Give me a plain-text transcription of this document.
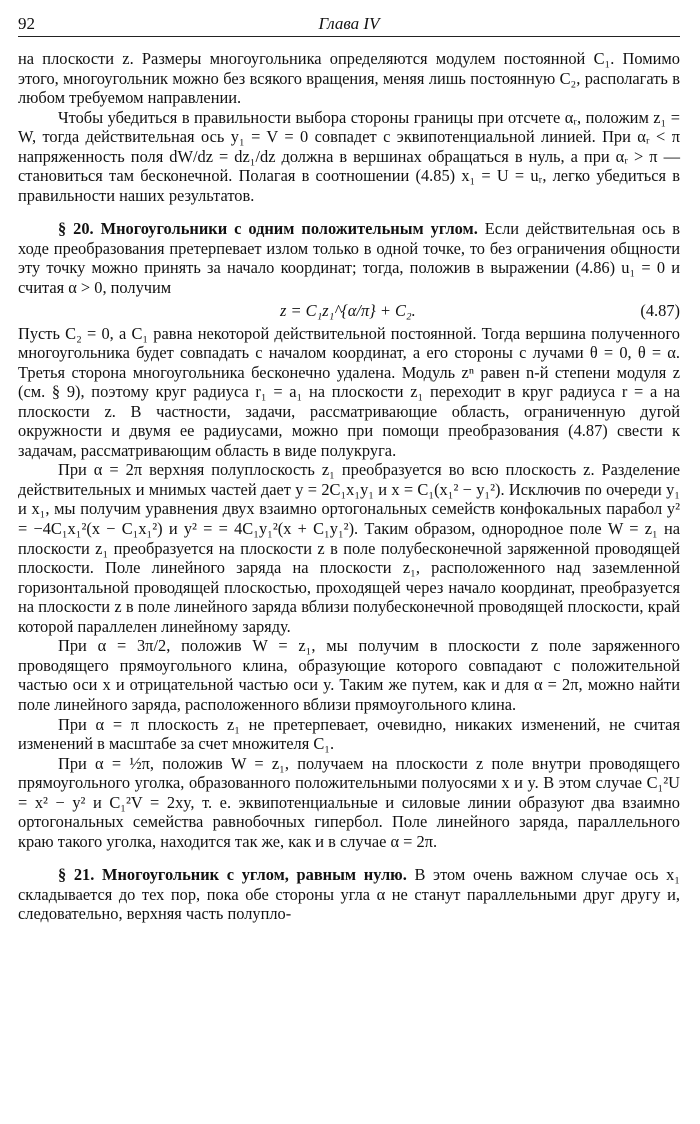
92	Глава IV

на плоскости z. Размеры многоугольника определяются модулем постоянной C₁. Помимо этого, многоугольник можно без всякого вращения, меняя лишь постоянную C₂, располагать в любом требуемом направлении.

Чтобы убедиться в правильности выбора стороны границы при отсчете αᵣ, положим z₁ = W, тогда действительная ось y₁ = V = 0 совпадет с эквипотенциальной линией. При αᵣ < π напряженность поля dW/dz = dz₁/dz должна в вершинах обращаться в нуль, а при αᵣ > π — становиться там бесконечной. Полагая в соотношении (4.85) x₁ = U = uᵣ, легко убедиться в правильности наших результатов.

§ 20. Многоугольники с одним положительным углом. Если действительная ось в ходе преобразования претерпевает излом только в одной точке, то без ограничения общности эту точку можно принять за начало координат; тогда, положив в выражении (4.86) u₁ = 0 и считая α > 0, получим

z = C₁z₁^{α/π} + C₂.	(4.87)

Пусть C₂ = 0, а C₁ равна некоторой действительной постоянной. Тогда вершина полученного многоугольника будет совпадать с началом координат, а его стороны с лучами θ = 0, θ = α. Третья сторона многоугольника бесконечно удалена. Модуль zⁿ равен n-й степени модуля z (см. § 9), поэтому круг радиуса r₁ = a₁ на плоскости z₁ переходит в круг радиуса r = a на плоскости z. В частности, задачи, рассматривающие область, ограниченную дугой окружности и двумя ее радиусами, можно при помощи преобразования (4.87) свести к задачам, рассматривающим область в виде полукруга.

При α = 2π верхняя полуплоскость z₁ преобразуется во всю плоскость z. Разделение действительных и мнимых частей дает y = 2C₁x₁y₁ и x = C₁(x₁² − y₁²). Исключив по очереди y₁ и x₁, мы получим уравнения двух взаимно ортогональных семейств конфокальных парабол y² = −4C₁x₁²(x − C₁x₁²) и y² = = 4C₁y₁²(x + C₁y₁²). Таким образом, однородное поле W = z₁ на плоскости z₁ преобразуется на плоскости z в поле полубесконечной заряженной проводящей плоскости. Поле линейного заряда на плоскости z₁, расположенного над заземленной горизонтальной проводящей плоскостью, проходящей через начало координат, преобразуется на плоскости z в поле линейного заряда вблизи полубесконечной проводящей плоскости, край которой параллелен линейному заряду.

При α = 3π/2, положив W = z₁, мы получим в плоскости z поле заряженного проводящего прямоугольного клина, образующие которого совпадают с положительной частью оси x и отрицательной частью оси y. Таким же путем, как и для α = 2π, можно найти поле линейного заряда, расположенного вблизи прямоугольного клина.

При α = π плоскость z₁ не претерпевает, очевидно, никаких изменений, не считая изменений в масштабе за счет множителя C₁.

При α = ½π, положив W = z₁, получаем на плоскости z поле внутри проводящего прямоугольного уголка, образованного положительными полуосями x и y. В этом случае C₁²U = x² − y² и C₁²V = 2xy, т. е. эквипотенциальные и силовые линии образуют два взаимно ортогональных семейства равнобочных гипербол. Поле линейного заряда, параллельного краю такого уголка, находится так же, как и в случае α = 2π.

§ 21. Многоугольник с углом, равным нулю. В этом очень важном случае ось x₁ складывается до тех пор, пока обе стороны угла α не станут параллельными друг другу и, следовательно, верхняя часть полупло-
